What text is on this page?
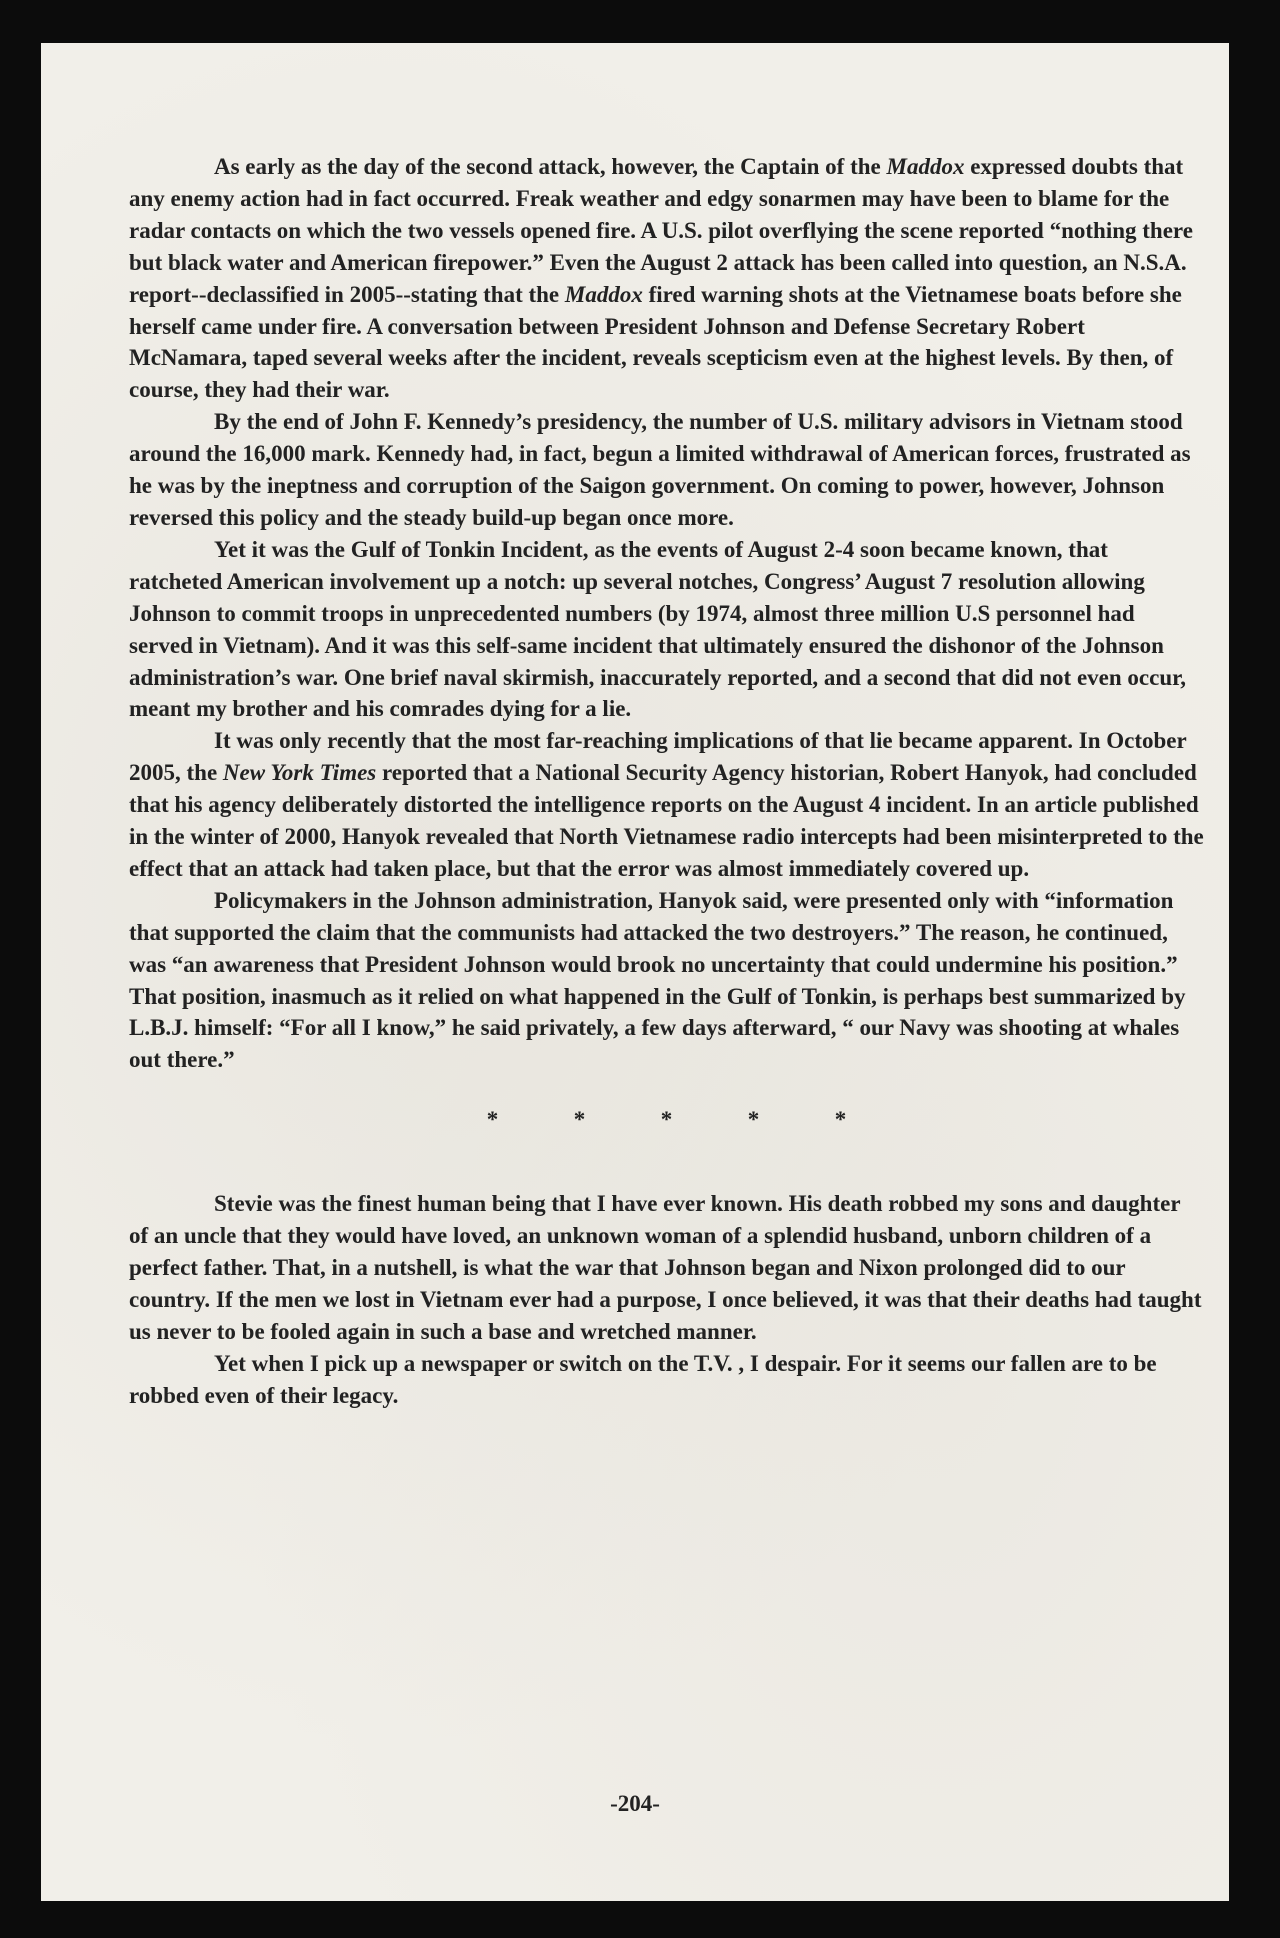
As early as the day of the second attack, however, the Captain of the Maddox expressed doubts that any enemy action had in fact occurred. Freak weather and edgy sonarmen may have been to blame for the radar contacts on which the two vessels opened fire. A U.S. pilot overflying the scene reported “nothing there but black water and American firepower.” Even the August 2 attack has been called into question, an N.S.A. report--declassified in 2005--stating that the Maddox fired warning shots at the Vietnamese boats before she herself came under fire. A conversation between President Johnson and Defense Secretary Robert McNamara, taped several weeks after the incident, reveals scepticism even at the highest levels. By then, of course, they had their war.

By the end of John F. Kennedy’s presidency, the number of U.S. military advisors in Vietnam stood around the 16,000 mark. Kennedy had, in fact, begun a limited withdrawal of American forces, frustrated as he was by the ineptness and corruption of the Saigon government. On coming to power, however, Johnson reversed this policy and the steady build-up began once more.

Yet it was the Gulf of Tonkin Incident, as the events of August 2-4 soon became known, that ratcheted American involvement up a notch: up several notches, Congress’ August 7 resolution allowing Johnson to commit troops in unprecedented numbers (by 1974, almost three million U.S personnel had served in Vietnam). And it was this self-same incident that ultimately ensured the dishonor of the Johnson administration’s war. One brief naval skirmish, inaccurately reported, and a second that did not even occur, meant my brother and his comrades dying for a lie.

It was only recently that the most far-reaching implications of that lie became apparent. In October 2005, the New York Times reported that a National Security Agency historian, Robert Hanyok, had concluded that his agency deliberately distorted the intelligence reports on the August 4 incident. In an article published in the winter of 2000, Hanyok revealed that North Vietnamese radio intercepts had been misinterpreted to the effect that an attack had taken place, but that the error was almost immediately covered up.

Policymakers in the Johnson administration, Hanyok said, were presented only with “information that supported the claim that the communists had attacked the two destroyers.” The reason, he continued, was “an awareness that President Johnson would brook no uncertainty that could undermine his position.” That position, inasmuch as it relied on what happened in the Gulf of Tonkin, is perhaps best summarized by L.B.J. himself: “For all I know,” he said privately, a few days afterward, “ our Navy was shooting at whales out there.”

*	*	*	*	*

Stevie was the finest human being that I have ever known. His death robbed my sons and daughter of an uncle that they would have loved, an unknown woman of a splendid husband, unborn children of a perfect father. That, in a nutshell, is what the war that Johnson began and Nixon prolonged did to our country. If the men we lost in Vietnam ever had a purpose, I once believed, it was that their deaths had taught us never to be fooled again in such a base and wretched manner.

Yet when I pick up a newspaper or switch on the T.V. , I despair. For it seems our fallen are to be robbed even of their legacy.

-204-
